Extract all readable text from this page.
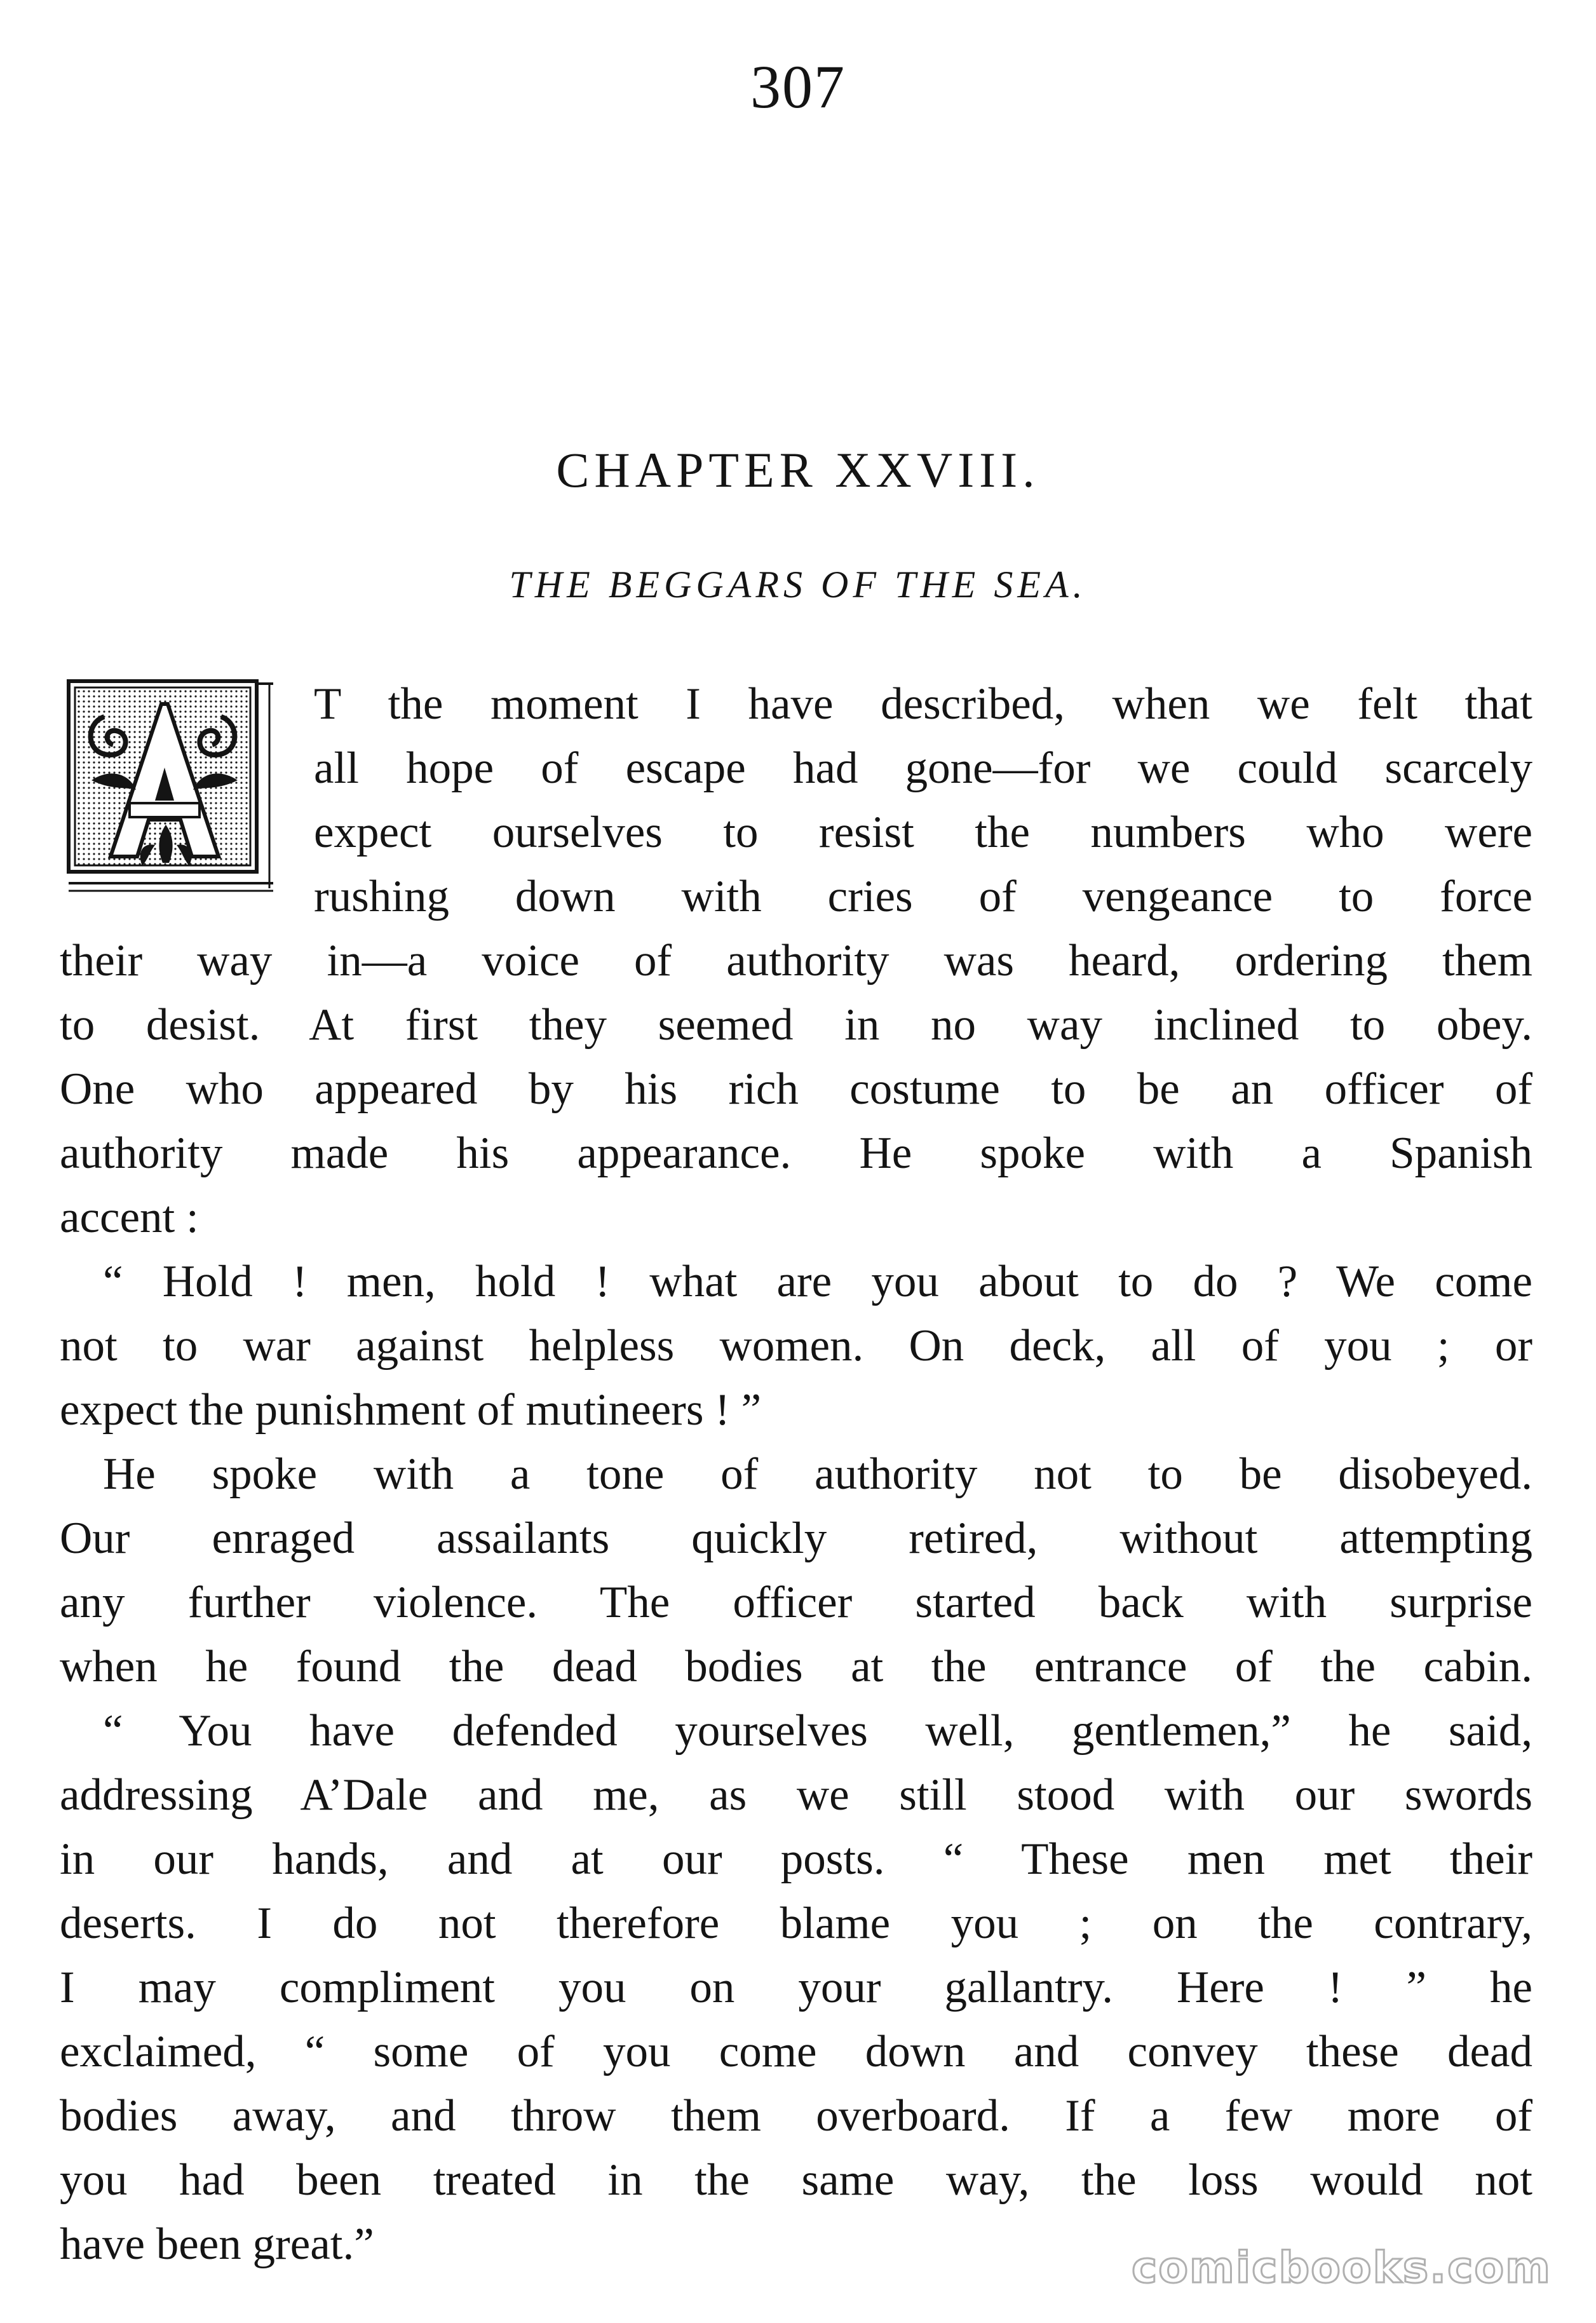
307
CHAPTER XXVIII.
THE BEGGARS OF THE SEA.
T the moment I have described, when we felt that
all hope of escape had gone—for we could scarcely
expect ourselves to resist the numbers who were
rushing down with cries of vengeance to force
their way in—a voice of authority was heard, ordering them
to desist. At first they seemed in no way inclined to obey.
One who appeared by his rich costume to be an officer of
authority made his appearance. He spoke with a Spanish
accent :
“ Hold ! men, hold ! what are you about to do ? We come
not to war against helpless women. On deck, all of you ; or
expect the punishment of mutineers ! ”
He spoke with a tone of authority not to be disobeyed.
Our enraged assailants quickly retired, without attempting
any further violence. The officer started back with surprise
when he found the dead bodies at the entrance of the cabin.
“ You have defended yourselves well, gentlemen,” he said,
addressing A’Dale and me, as we still stood with our swords
in our hands, and at our posts. “ These men met their
deserts. I do not therefore blame you ; on the contrary,
I may compliment you on your gallantry. Here ! ” he
exclaimed, “ some of you come down and convey these dead
bodies away, and throw them overboard. If a few more of
you had been treated in the same way, the loss would not
have been great.”	comicbooks.com
